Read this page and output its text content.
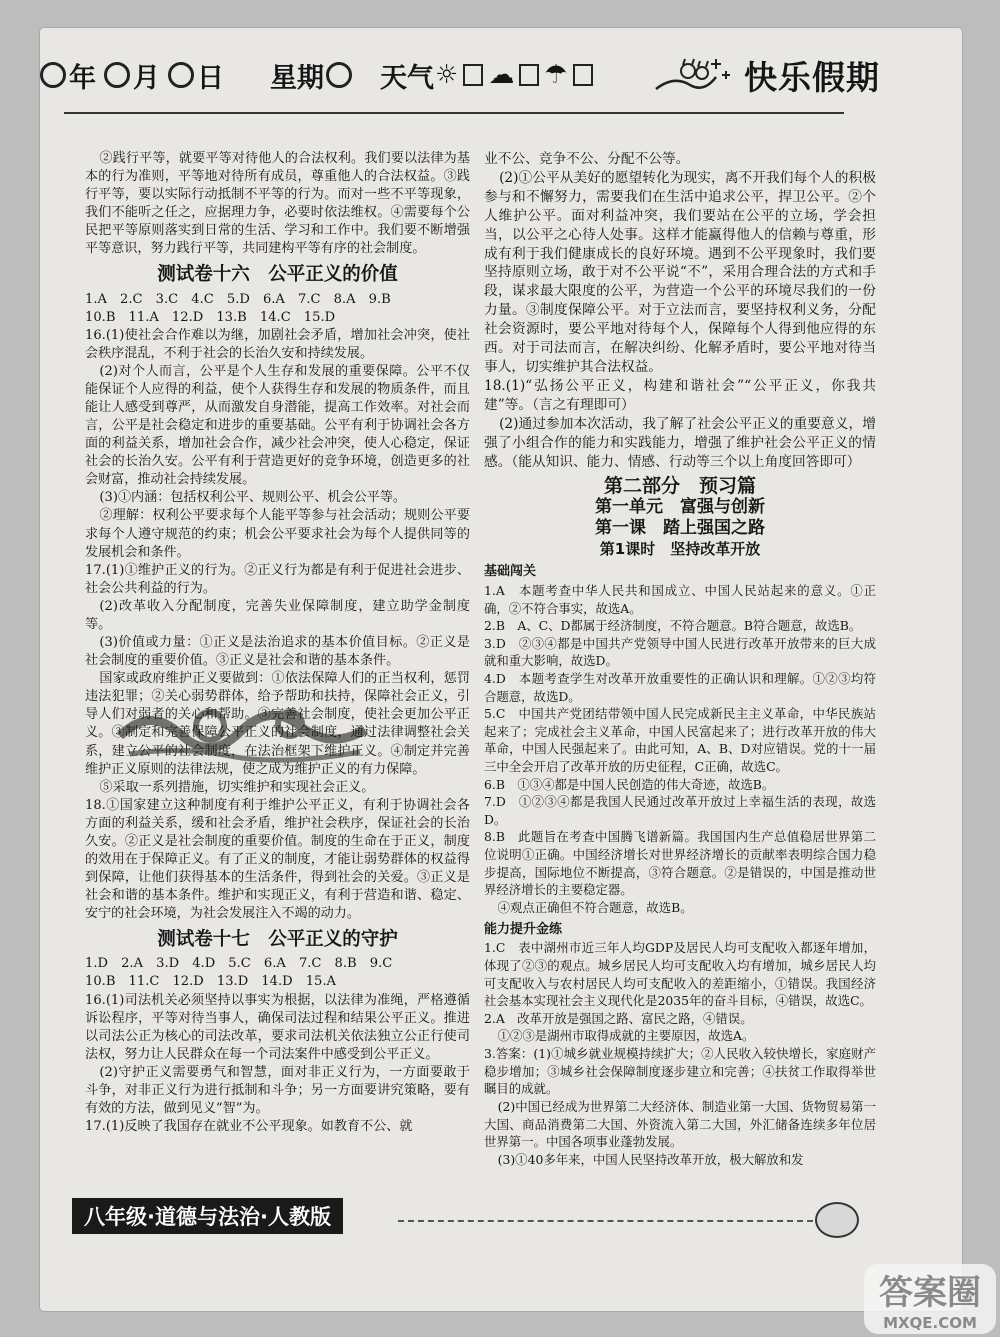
年 月 日 星期 天气 ☼ ☁ ☂	快乐假期

②践行平等，就要平等对待他人的合法权利。我们要以法律为基本的行为准则，平等地对待所有成员，尊重他人的合法权益。③践行平等，要以实际行动抵制不平等的行为。而对一些不平等现象，我们不能听之任之，应据理力争，必要时依法维权。④需要每个公民把平等原则落实到日常的生活、学习和工作中。我们要不断增强平等意识，努力践行平等，共同建构平等有序的社会制度。

测试卷十六　公平正义的价值

1.A　2.C　3.C　4.C　5.D　6.A　7.C　8.A　9.B

10.B　11.A　12.D　13.B　14.C　15.D

16.(1)使社会合作难以为继，加剧社会矛盾，增加社会冲突，使社会秩序混乱，不利于社会的长治久安和持续发展。

(2)对个人而言，公平是个人生存和发展的重要保障。公平不仅能保证个人应得的利益，使个人获得生存和发展的物质条件，而且能让人感受到尊严，从而激发自身潜能，提高工作效率。对社会而言，公平是社会稳定和进步的重要基础。公平有利于协调社会各方面的利益关系，增加社会合作，减少社会冲突，使人心稳定，保证社会的长治久安。公平有利于营造更好的竞争环境，创造更多的社会财富，推动社会持续发展。

(3)①内涵：包括权利公平、规则公平、机会公平等。

②理解：权利公平要求每个人能平等参与社会活动；规则公平要求每个人遵守规范的约束；机会公平要求社会为每个人提供同等的发展机会和条件。

17.(1)①维护正义的行为。②正义行为都是有利于促进社会进步、社会公共利益的行为。

(2)改革收入分配制度，完善失业保障制度，建立助学金制度等。

(3)价值或力量：①正义是法治追求的基本价值目标。②正义是社会制度的重要价值。③正义是社会和谐的基本条件。

国家或政府维护正义要做到：①依法保障人们的正当权利，惩罚违法犯罪；②关心弱势群体，给予帮助和扶持，保障社会正义，引导人们对弱者的关心和帮助。③完善社会制度，使社会更加公平正义。③制定和完善保障公平正义的社会制度，通过法律调整社会关系，建立公平的社会制度，在法治框架下维护正义。④制定并完善维护正义原则的法律法规，使之成为维护正义的有力保障。

⑤采取一系列措施，切实维护和实现社会正义。

18.①国家建立这种制度有利于维护公平正义，有利于协调社会各方面的利益关系，缓和社会矛盾，维护社会秩序，保证社会的长治久安。②正义是社会制度的重要价值。制度的生命在于正义，制度的效用在于保障正义。有了正义的制度，才能让弱势群体的权益得到保障，让他们获得基本的生活条件，得到社会的关爱。③正义是社会和谐的基本条件。维护和实现正义，有利于营造和谐、稳定、安宁的社会环境，为社会发展注入不竭的动力。

测试卷十七　公平正义的守护

1.D　2.A　3.D　4.D　5.C　6.A　7.C　8.B　9.C

10.B　11.C　12.D　13.D　14.D　15.A

16.(1)司法机关必须坚持以事实为根据，以法律为准绳，严格遵循诉讼程序，平等对待当事人，确保司法过程和结果公平正义。推进以司法公正为核心的司法改革，要求司法机关依法独立公正行使司法权，努力让人民群众在每一个司法案件中感受到公平正义。

(2)守护正义需要勇气和智慧，面对非正义行为，一方面要敢于斗争，对非正义行为进行抵制和斗争；另一方面要讲究策略，要有有效的方法，做到见义“智”为。

17.(1)反映了我国存在就业不公平现象。如教育不公、就

业不公、竞争不公、分配不公等。

(2)①公平从美好的愿望转化为现实，离不开我们每个人的积极参与和不懈努力，需要我们在生活中追求公平，捍卫公平。②个人维护公平。面对利益冲突，我们要站在公平的立场，学会担当，以公平之心待人处事。这样才能赢得他人的信赖与尊重，形成有利于我们健康成长的良好环境。遇到不公平现象时，我们要坚持原则立场，敢于对不公平说“不”，采用合理合法的方式和手段，谋求最大限度的公平，为营造一个公平的环境尽我们的一份力量。③制度保障公平。对于立法而言，要坚持权利义务，分配社会资源时，要公平地对待每个人，保障每个人得到他应得的东西。对于司法而言，在解决纠纷、化解矛盾时，要公平地对待当事人，切实维护其合法权益。

18.(1)“弘扬公平正义，构建和谐社会”“公平正义，你我共建”等。（言之有理即可）

(2)通过参加本次活动，我了解了社会公平正义的重要意义，增强了小组合作的能力和实践能力，增强了维护社会公平正义的情感。（能从知识、能力、情感、行动等三个以上角度回答即可）

第二部分　预习篇
第一单元　富强与创新
第一课　踏上强国之路
第1课时　坚持改革开放
基础闯关

1.A　本题考查中华人民共和国成立、中国人民站起来的意义。①正确，②不符合事实，故选A。

2.B　A、C、D都属于经济制度，不符合题意。B符合题意，故选B。

3.D　②③④都是中国共产党领导中国人民进行改革开放带来的巨大成就和重大影响，故选D。

4.D　本题考查学生对改革开放重要性的正确认识和理解。①②③均符合题意，故选D。

5.C　中国共产党团结带领中国人民完成新民主主义革命，中华民族站起来了；完成社会主义革命，中国人民富起来了；进行改革开放的伟大革命，中国人民强起来了。由此可知，A、B、D对应错误。党的十一届三中全会开启了改革开放的历史征程，C正确，故选C。

6.B　①③④都是中国人民创造的伟大奇迹，故选B。

7.D　①②③④都是我国人民通过改革开放过上幸福生活的表现，故选D。

8.B　此题旨在考查中国腾飞谱新篇。我国国内生产总值稳居世界第二位说明①正确。中国经济增长对世界经济增长的贡献率表明综合国力稳步提高，国际地位不断提高，③符合题意。②是错误的，中国是推动世界经济增长的主要稳定器。

④观点正确但不符合题意，故选B。

能力提升金练

1.C　表中湖州市近三年人均GDP及居民人均可支配收入都逐年增加，体现了②③的观点。城乡居民人均可支配收入均有增加，城乡居民人均可支配收入与农村居民人均可支配收入的差距缩小，①错误。我国经济社会基本实现社会主义现代化是2035年的奋斗目标，④错误，故选C。

2.A　改革开放是强国之路、富民之路，④错误。

①②③是湖州市取得成就的主要原因，故选A。

3.答案：(1)①城乡就业规模持续扩大；②人民收入较快增长，家庭财产稳步增加；③城乡社会保障制度逐步建立和完善；④扶贫工作取得举世瞩目的成就。

(2)中国已经成为世界第二大经济体、制造业第一大国、货物贸易第一大国、商品消费第二大国、外资流入第二大国，外汇储备连续多年位居世界第一。中国各项事业蓬勃发展。

(3)①40多年来，中国人民坚持改革开放，极大解放和发

八年级·道德与法治·人教版
答案圈
MXQE.COM
